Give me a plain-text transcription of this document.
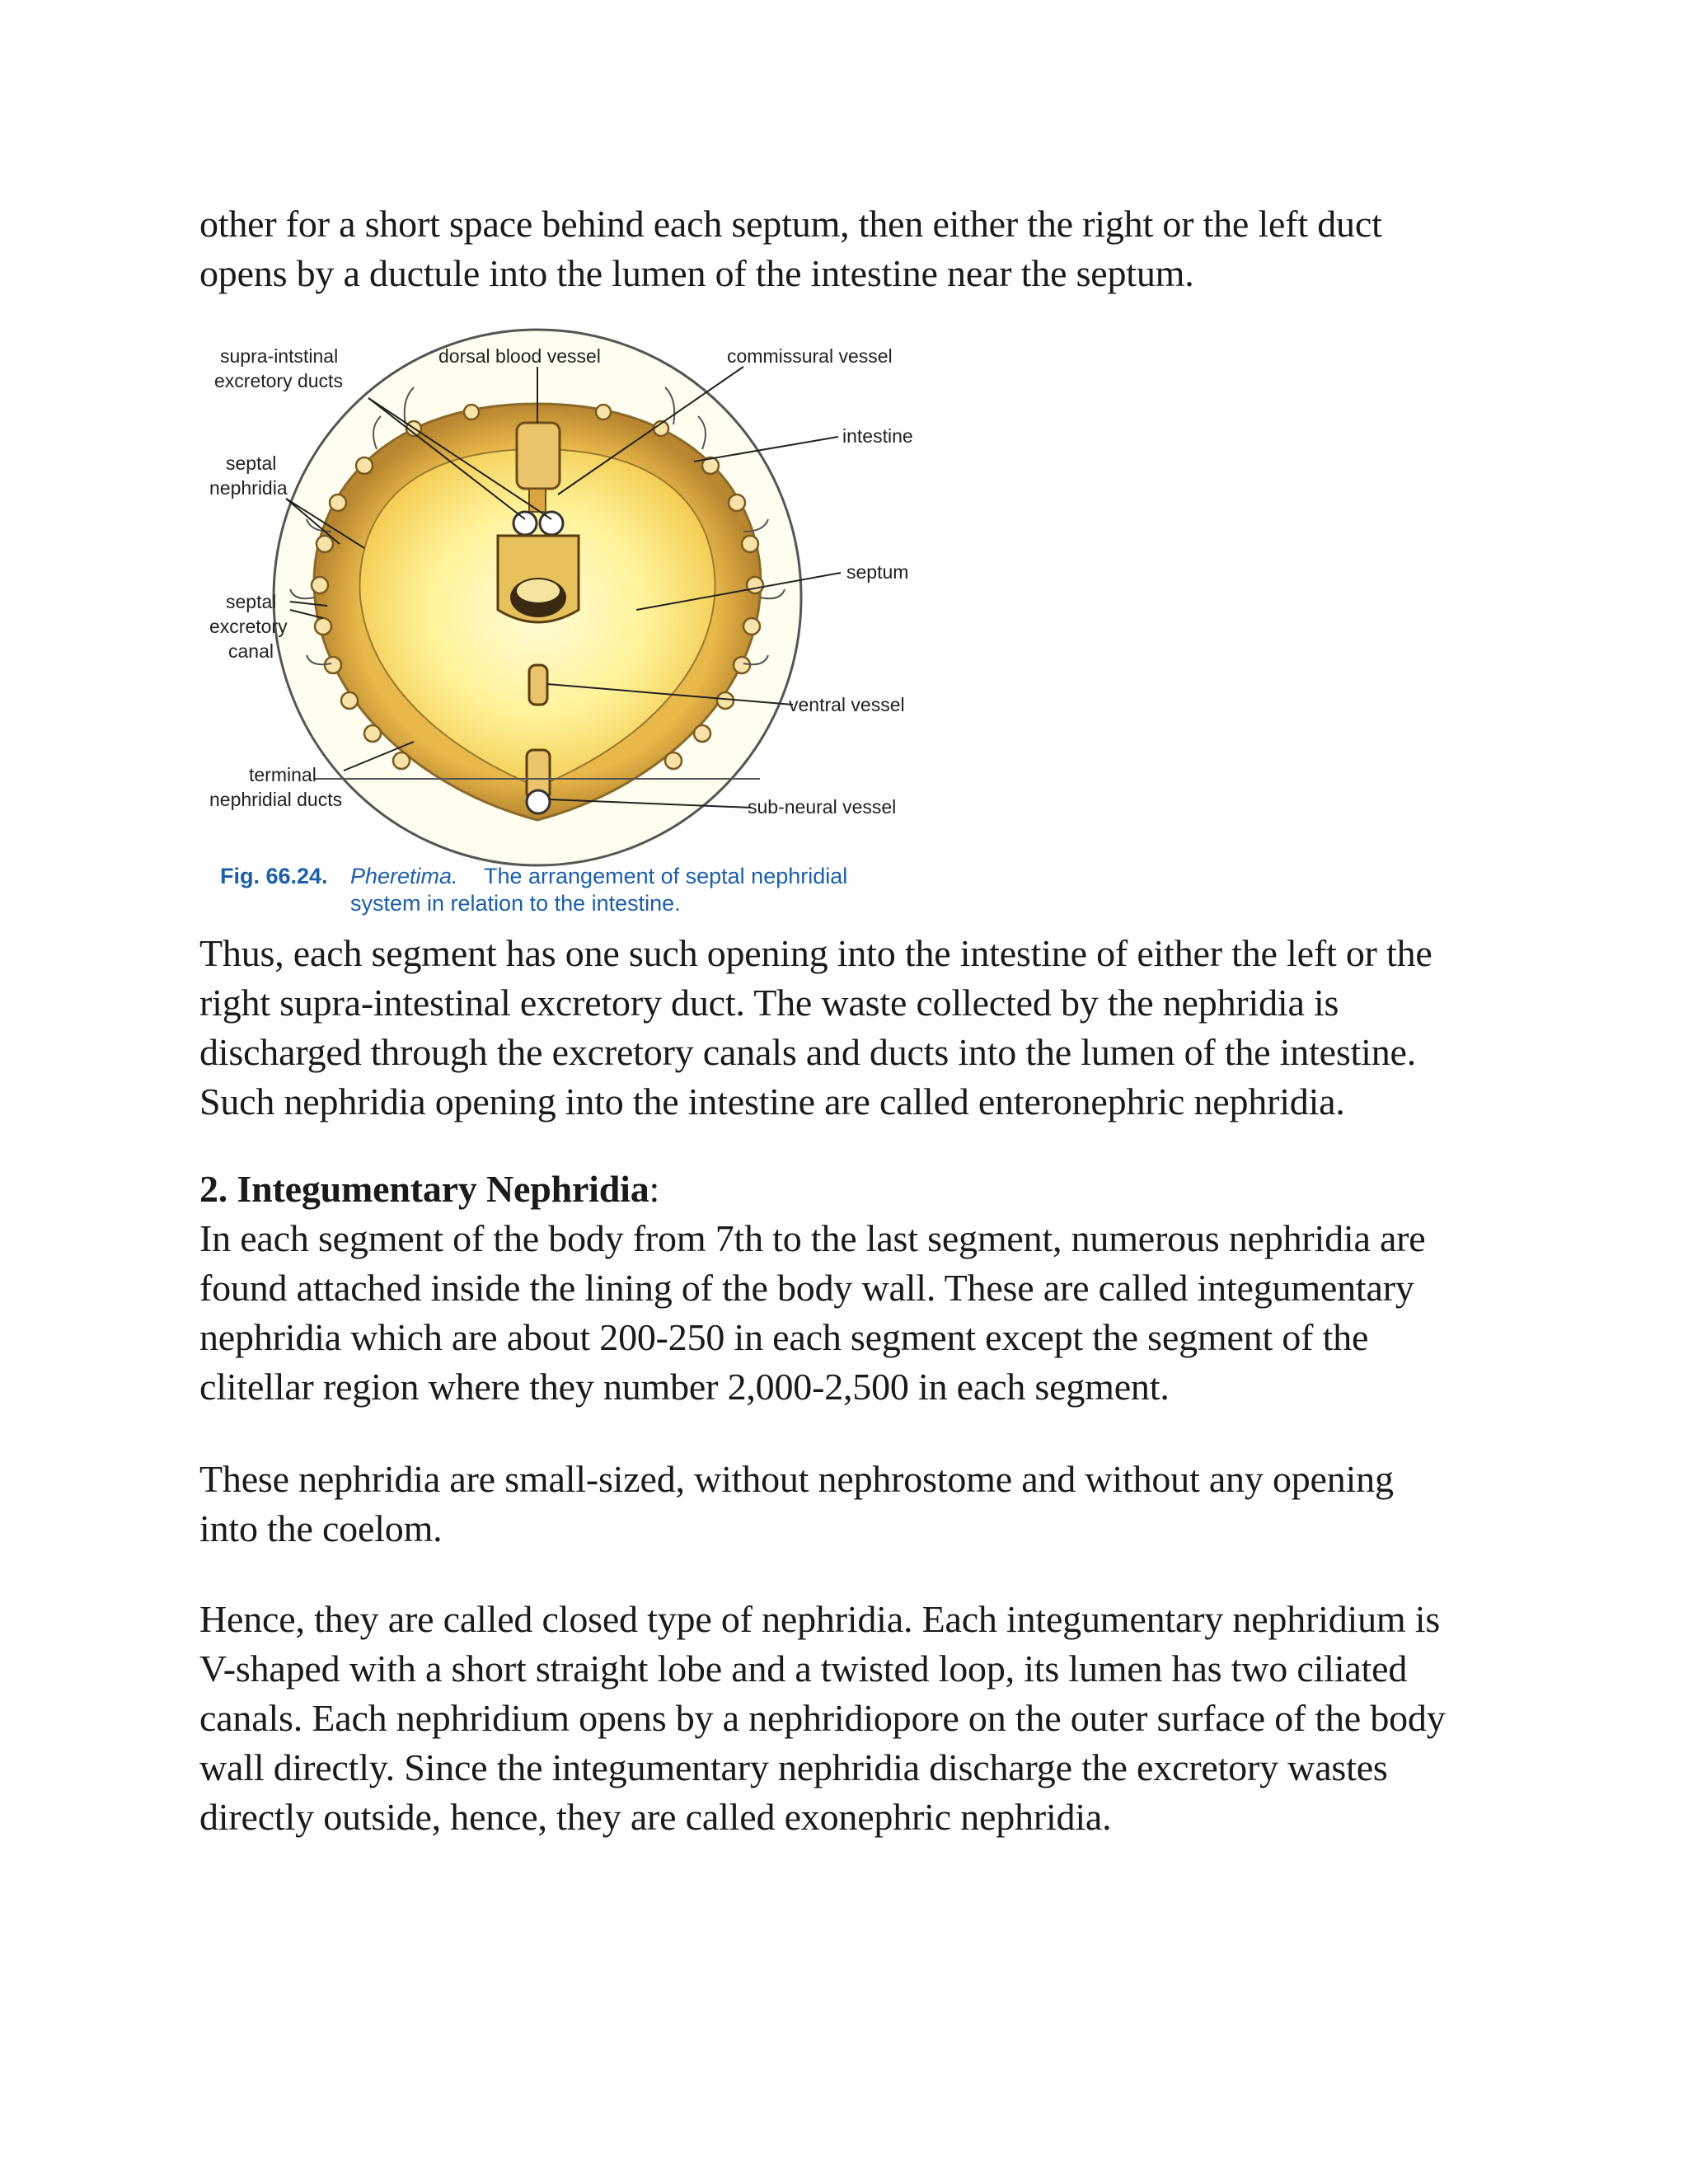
other for a short space behind each septum, then either the right or the left duct
opens by a ductule into the lumen of the intestine near the septum.

supra-intstinal
excretory ducts
dorsal blood vessel	commissural vessel
intestine
septal
nephridia
septum
septal
excretory
canal
ventral vessel
terminal
nephridial ducts	sub-neural vessel
Fig. 66.24. Pheretima. The arrangement of septal nephridial
system in relation to the intestine.

Thus, each segment has one such opening into the intestine of either the left or the
right supra-intestinal excretory duct. The waste collected by the nephridia is
discharged through the excretory canals and ducts into the lumen of the intestine.
Such nephridia opening into the intestine are called enteronephric nephridia.

2. Integumentary Nephridia:
In each segment of the body from 7th to the last segment, numerous nephridia are
found attached inside the lining of the body wall. These are called integumentary
nephridia which are about 200-250 in each segment except the segment of the
clitellar region where they number 2,000-2,500 in each segment.

These nephridia are small-sized, without nephrostome and without any opening
into the coelom.

Hence, they are called closed type of nephridia. Each integumentary nephridium is
V-shaped with a short straight lobe and a twisted loop, its lumen has two ciliated
canals. Each nephridium opens by a nephridiopore on the outer surface of the body
wall directly. Since the integumentary nephridia discharge the excretory wastes
directly outside, hence, they are called exonephric nephridia.
